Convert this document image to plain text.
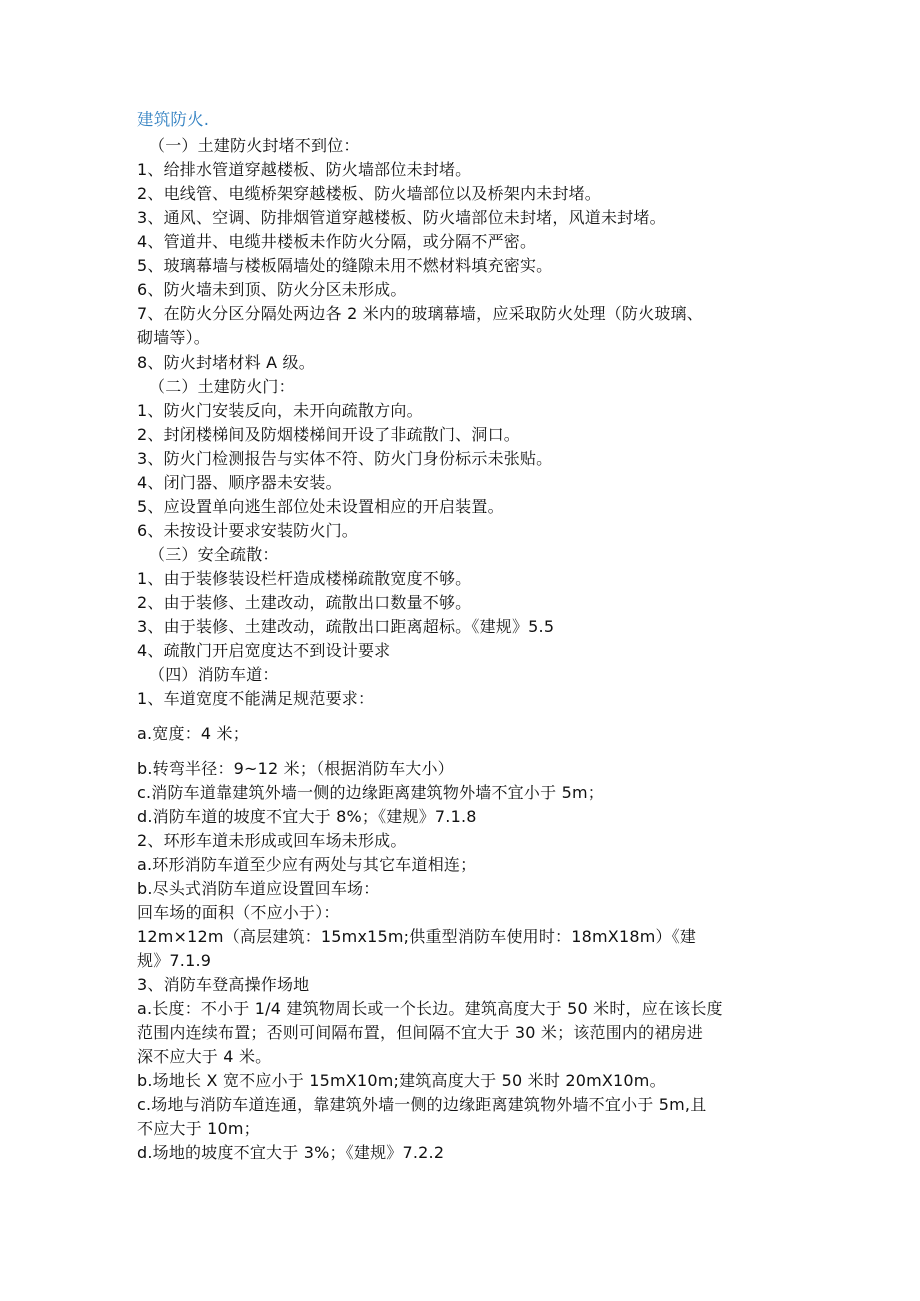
建筑防火.
（一）土建防火封堵不到位：
1、给排水管道穿越楼板、防火墙部位未封堵。
2、电线管、电缆桥架穿越楼板、防火墙部位以及桥架内未封堵。
3、通风、空调、防排烟管道穿越楼板、防火墙部位未封堵，风道未封堵。
4、管道井、电缆井楼板未作防火分隔，或分隔不严密。
5、玻璃幕墙与楼板隔墙处的缝隙未用不燃材料填充密实。
6、防火墙未到顶、防火分区未形成。
7、在防火分区分隔处两边各 2 米内的玻璃幕墙，应采取防火处理（防火玻璃、
砌墙等）。
8、防火封堵材料 A 级。
（二）土建防火门：
1、防火门安装反向，未开向疏散方向。
2、封闭楼梯间及防烟楼梯间开设了非疏散门、洞口。
3、防火门检测报告与实体不符、防火门身份标示未张贴。
4、闭门器、顺序器未安装。
5、应设置单向逃生部位处未设置相应的开启装置。
6、未按设计要求安装防火门。
（三）安全疏散：
1、由于装修装设栏杆造成楼梯疏散宽度不够。
2、由于装修、土建改动，疏散出口数量不够。
3、由于装修、土建改动，疏散出口距离超标。《建规》5.5
4、疏散门开启宽度达不到设计要求
（四）消防车道：
1、车道宽度不能满足规范要求：
a.宽度：4 米；
b.转弯半径：9~12 米；（根据消防车大小）
c.消防车道靠建筑外墙一侧的边缘距离建筑物外墙不宜小于 5m；
d.消防车道的坡度不宜大于 8%；《建规》7.1.8
2、环形车道未形成或回车场未形成。
a.环形消防车道至少应有两处与其它车道相连；
b.尽头式消防车道应设置回车场：
回车场的面积（不应小于）：
12m×12m（高层建筑：15mx15m;供重型消防车使用时：18mX18m）《建
规》7.1.9
3、消防车登高操作场地
a.长度：不小于 1/4 建筑物周长或一个长边。建筑高度大于 50 米时，应在该长度
范围内连续布置；否则可间隔布置，但间隔不宜大于 30 米；该范围内的裙房进
深不应大于 4 米。
b.场地长 X 宽不应小于 15mX10m;建筑高度大于 50 米时 20mX10m。
c.场地与消防车道连通，靠建筑外墙一侧的边缘距离建筑物外墙不宜小于 5m,且
不应大于 10m；
d.场地的坡度不宜大于 3%；《建规》7.2.2
